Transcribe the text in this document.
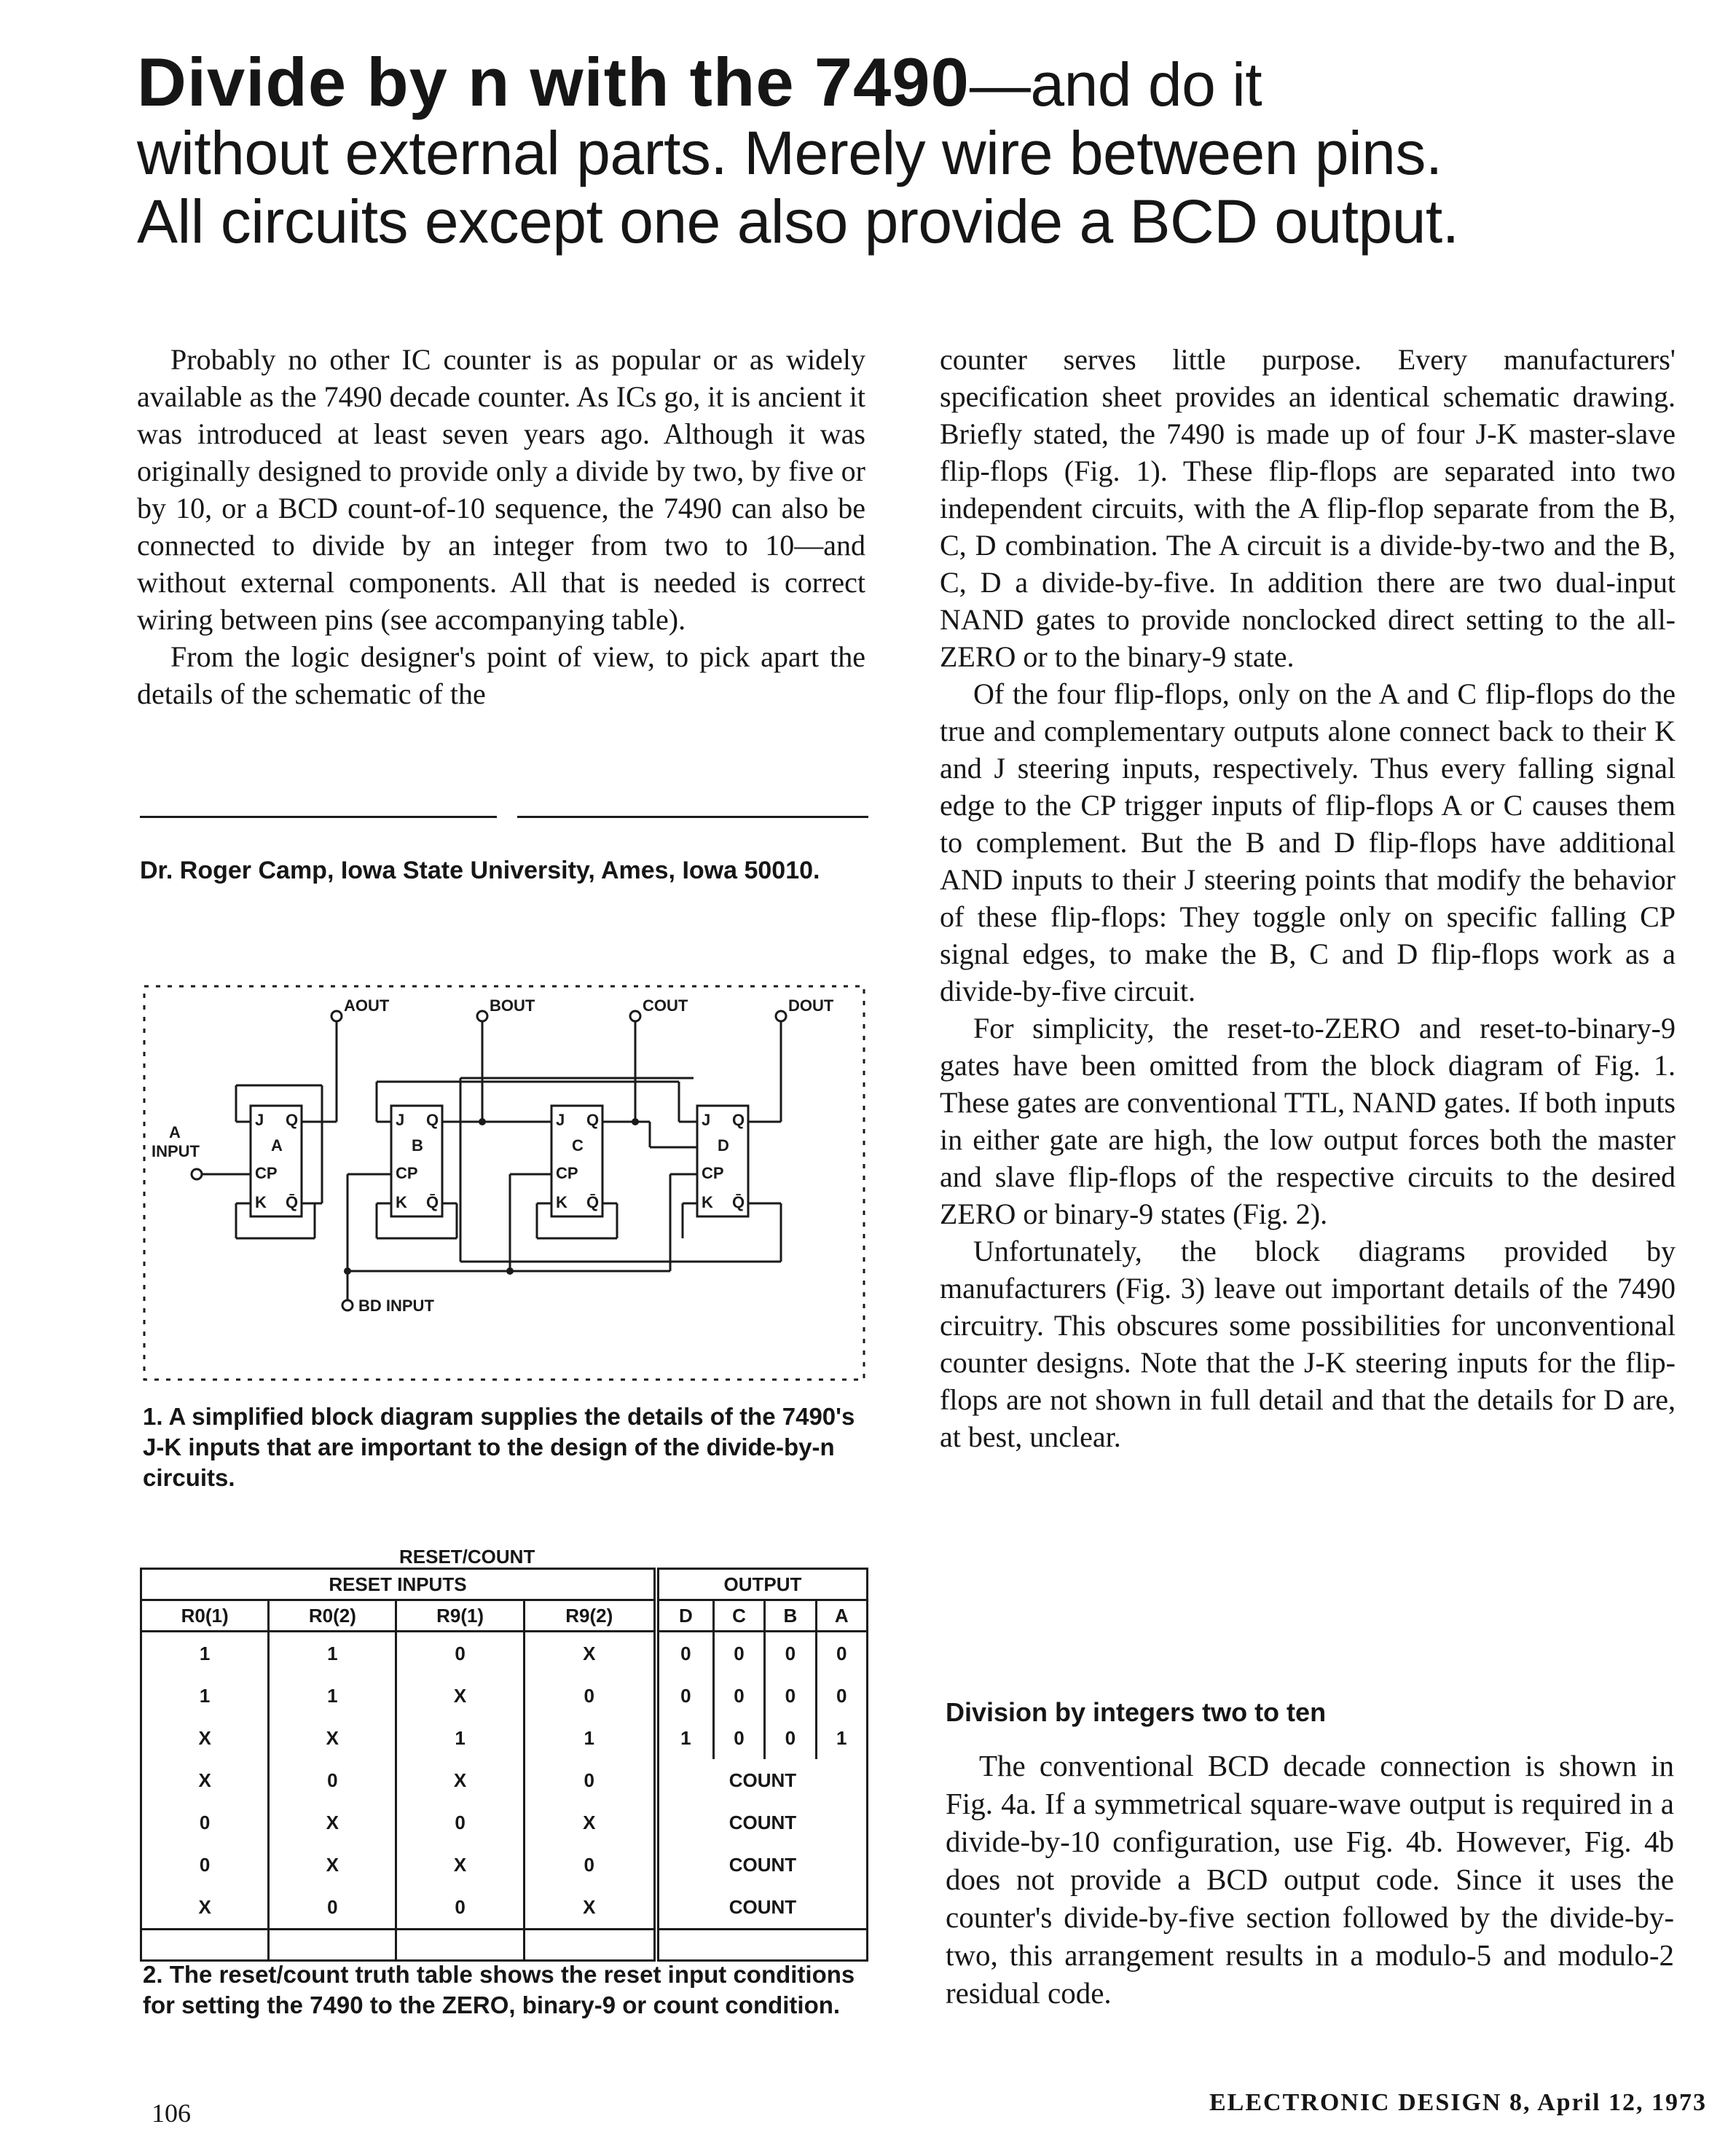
Divide by n with the 7490—and do it
without external parts. Merely wire between pins.
All circuits except one also provide a BCD output.

Probably no other IC counter is as popular or as widely available as the 7490 decade counter. As ICs go, it is ancient it was introduced at least seven years ago. Although it was originally designed to provide only a divide by two, by five or by 10, or a BCD count-of-10 sequence, the 7490 can also be connected to divide by an integer from two to 10—and without external components. All that is needed is correct wiring between pins (see accompanying table).

From the logic designer's point of view, to pick apart the details of the schematic of the

Dr. Roger Camp, Iowa State University, Ames, Iowa 50010.
AOUT	BOUT	COUT	DOUT
A
INPUT
BD INPUT
J Q
A
CP
K Q̄
J Q
B
CP
K Q̄
J Q
C
CP
K Q̄
J Q
D
CP
K Q̄
1. A simplified block diagram supplies the details of the 7490's J-K inputs that are important to the design of the divide-by-n circuits.
RESET/COUNT
RESET INPUTS				OUTPUT			
R0(1)	R0(2)	R9(1)	R9(2)	D	C	B	A
1	1	0	X	0	0	0	0
1	1	X	0	0	0	0	0
X	X	1	1	1	0	0	1
X	0	X	0	COUNT			
0	X	0	X	COUNT			
0	X	X	0	COUNT			
X	0	0	X	COUNT			

2. The reset/count truth table shows the reset input conditions for setting the 7490 to the ZERO, binary-9 or count condition.

counter serves little purpose. Every manufacturers' specification sheet provides an identical schematic drawing. Briefly stated, the 7490 is made up of four J-K master-slave flip-flops (Fig. 1). These flip-flops are separated into two independent circuits, with the A flip-flop separate from the B, C, D combination. The A circuit is a divide-by-two and the B, C, D a divide-by-five. In addition there are two dual-input NAND gates to provide nonclocked direct setting to the all-ZERO or to the binary-9 state.

Of the four flip-flops, only on the A and C flip-flops do the true and complementary outputs alone connect back to their K and J steering inputs, respectively. Thus every falling signal edge to the CP trigger inputs of flip-flops A or C causes them to complement. But the B and D flip-flops have additional AND inputs to their J steering points that modify the behavior of these flip-flops: They toggle only on specific falling CP signal edges, to make the B, C and D flip-flops work as a divide-by-five circuit.

For simplicity, the reset-to-ZERO and reset-to-binary-9 gates have been omitted from the block diagram of Fig. 1. These gates are conventional TTL, NAND gates. If both inputs in either gate are high, the low output forces both the master and slave flip-flops of the respective circuits to the desired ZERO or binary-9 states (Fig. 2).

Unfortunately, the block diagrams provided by manufacturers (Fig. 3) leave out important details of the 7490 circuitry. This obscures some possibilities for unconventional counter designs. Note that the J-K steering inputs for the flip-flops are not shown in full detail and that the details for D are, at best, unclear.

Division by integers two to ten

The conventional BCD decade connection is shown in Fig. 4a. If a symmetrical square-wave output is required in a divide-by-10 configuration, use Fig. 4b. However, Fig. 4b does not provide a BCD output code. Since it uses the counter's divide-by-five section followed by the divide-by-two, this arrangement results in a modulo-5 and modulo-2 residual code.

106	ELECTRONIC DESIGN 8, April 12, 1973
